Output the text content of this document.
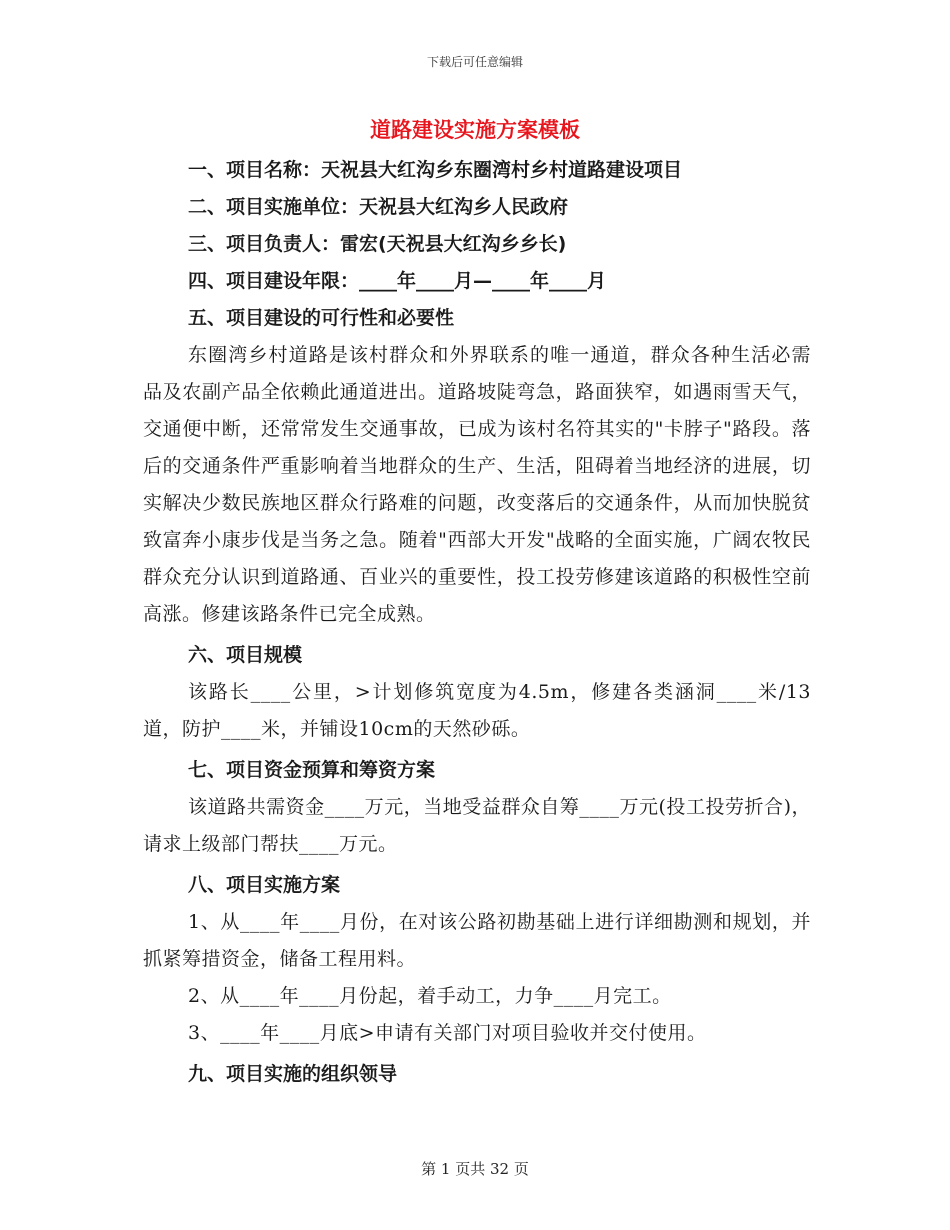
下载后可任意编辑
道路建设实施方案模板

一、项目名称：天祝县大红沟乡东圈湾村乡村道路建设项目

二、项目实施单位：天祝县大红沟乡人民政府

三、项目负责人：雷宏(天祝县大红沟乡乡长)

四、项目建设年限：____年____月—____年____月

五、项目建设的可行性和必要性

东圈湾乡村道路是该村群众和外界联系的唯一通道，群众各种生活必需品及农副产品全依赖此通道进出。道路坡陡弯急，路面狭窄，如遇雨雪天气，交通便中断，还常常发生交通事故，已成为该村名符其实的"卡脖子"路段。落后的交通条件严重影响着当地群众的生产、生活，阻碍着当地经济的进展，切实解决少数民族地区群众行路难的问题，改变落后的交通条件，从而加快脱贫致富奔小康步伐是当务之急。随着"西部大开发"战略的全面实施，广阔农牧民群众充分认识到道路通、百业兴的重要性，投工投劳修建该道路的积极性空前高涨。修建该路条件已完全成熟。

六、项目规模

该路长____公里，>计划修筑宽度为4.5m，修建各类涵洞____米/13道，防护____米，并铺设10cm的天然砂砾。

七、项目资金预算和筹资方案

该道路共需资金____万元，当地受益群众自筹____万元(投工投劳折合)，请求上级部门帮扶____万元。

八、项目实施方案

1、从____年____月份，在对该公路初勘基础上进行详细勘测和规划，并抓紧筹措资金，储备工程用料。

2、从____年____月份起，着手动工，力争____月完工。

3、____年____月底>申请有关部门对项目验收并交付使用。

九、项目实施的组织领导

第 1 页共 32 页
